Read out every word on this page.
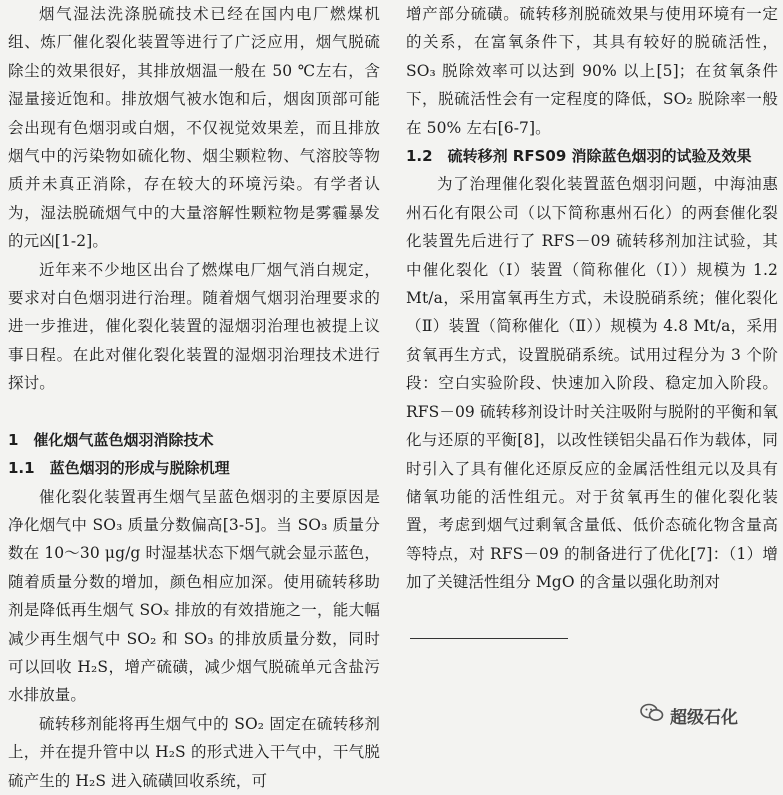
烟气湿法洗涤脱硫技术已经在国内电厂燃煤机组、炼厂催化裂化装置等进行了广泛应用，烟气脱硫除尘的效果很好，其排放烟温一般在 50 ℃左右，含湿量接近饱和。排放烟气被水饱和后，烟囱顶部可能会出现有色烟羽或白烟，不仅视觉效果差，而且排放烟气中的污染物如硫化物、烟尘颗粒物、气溶胶等物质并未真正消除，存在较大的环境污染。有学者认为，湿法脱硫烟气中的大量溶解性颗粒物是雾霾暴发的元凶[1-2]。

近年来不少地区出台了燃煤电厂烟气消白规定，要求对白色烟羽进行治理。随着烟气烟羽治理要求的进一步推进，催化裂化装置的湿烟羽治理也被提上议事日程。在此对催化裂化装置的湿烟羽治理技术进行探讨。

1　催化烟气蓝色烟羽消除技术

1.1　蓝色烟羽的形成与脱除机理

催化裂化装置再生烟气呈蓝色烟羽的主要原因是净化烟气中 SO₃ 质量分数偏高[3-5]。当 SO₃ 质量分数在 10～30 μg/g 时湿基状态下烟气就会显示蓝色，随着质量分数的增加，颜色相应加深。使用硫转移助剂是降低再生烟气 SOₓ 排放的有效措施之一，能大幅减少再生烟气中 SO₂ 和 SO₃ 的排放质量分数，同时可以回收 H₂S，增产硫磺，减少烟气脱硫单元含盐污水排放量。

硫转移剂能将再生烟气中的 SO₂ 固定在硫转移剂上，并在提升管中以 H₂S 的形式进入干气中，干气脱硫产生的 H₂S 进入硫磺回收系统，可

增产部分硫磺。硫转移剂脱硫效果与使用环境有一定的关系，在富氧条件下，其具有较好的脱硫活性，SO₃ 脱除效率可以达到 90% 以上[5]；在贫氧条件下，脱硫活性会有一定程度的降低，SO₂ 脱除率一般在 50% 左右[6-7]。

1.2　硫转移剂 RFS09 消除蓝色烟羽的试验及效果

为了治理催化裂化装置蓝色烟羽问题，中海油惠州石化有限公司（以下简称惠州石化）的两套催化裂化装置先后进行了 RFS－09 硫转移剂加注试验，其中催化裂化（Ⅰ）装置（简称催化（Ⅰ））规模为 1.2 Mt/a，采用富氧再生方式，未设脱硝系统；催化裂化（Ⅱ）装置（简称催化（Ⅱ））规模为 4.8 Mt/a，采用贫氧再生方式，设置脱硝系统。试用过程分为 3 个阶段：空白实验阶段、快速加入阶段、稳定加入阶段。RFS－09 硫转移剂设计时关注吸附与脱附的平衡和氧化与还原的平衡[8]，以改性镁铝尖晶石作为载体，同时引入了具有催化还原反应的金属活性组元以及具有储氧功能的活性组元。对于贫氧再生的催化裂化装置，考虑到烟气过剩氧含量低、低价态硫化物含量高等特点，对 RFS－09 的制备进行了优化[7]：（1）增加了关键活性组分 MgO 的含量以强化助剂对

超级石化
